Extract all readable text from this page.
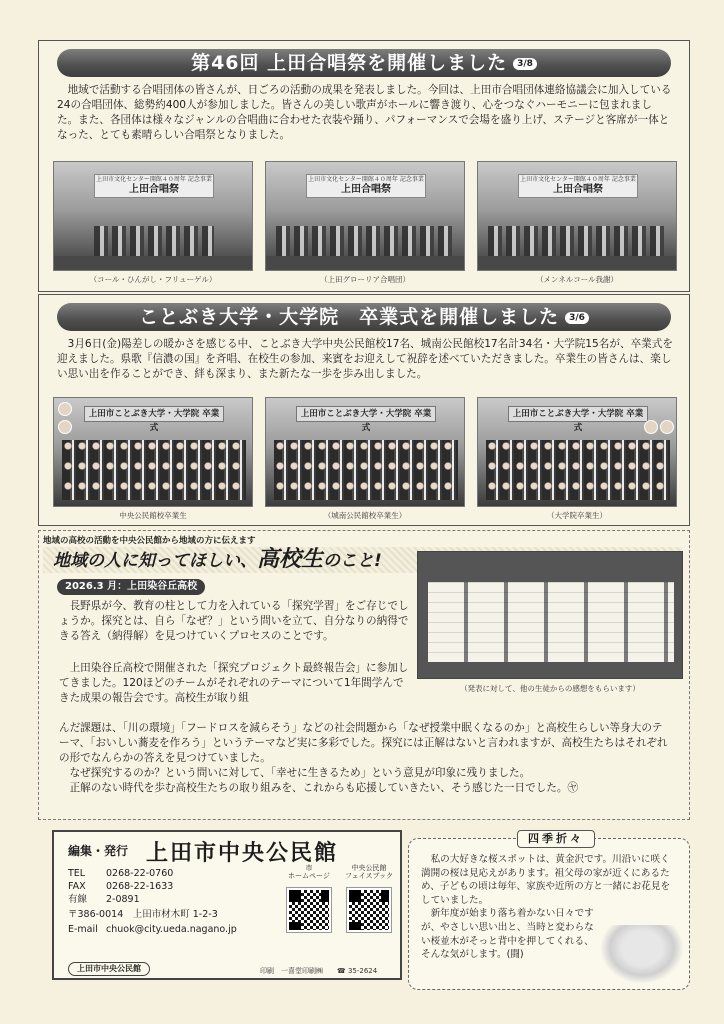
第46回 上田合唱祭を開催しました 3/8
地域で活動する合唱団体の皆さんが、日ごろの活動の成果を発表しました。今回は、上田市合唱団体連絡協議会に加入している24の合唱団体、総勢約400人が参加しました。皆さんの美しい歌声がホールに響き渡り、心をつなぐハーモニーに包まれました。また、各団体は様々なジャンルの合唱曲に合わせた衣装や踊り、パフォーマンスで会場を盛り上げ、ステージと客席が一体となった、とても素晴らしい合唱祭となりました。
上田市文化センター開館４０周年 記念事業
上田合唱祭
上田市文化センター開館４０周年 記念事業
上田合唱祭
上田市文化センター開館４０周年 記念事業
上田合唱祭
（コール・ひんがし・フリューゲル）	（上田グローリア合唱団）	（メンネルコール我謝）
ことぶき大学・大学院　卒業式を開催しました 3/6
3月6日(金)陽差しの暖かさを感じる中、ことぶき大学中央公民館校17名、城南公民館校17名計34名・大学院15名が、卒業式を迎えました。県歌『信濃の国』を斉唱、在校生の参加、来賓をお迎えして祝辞を述べていただきました。卒業生の皆さんは、楽しい思い出を作ることができ、絆も深まり、また新たな一歩を歩み出しました。
上田市ことぶき大学・大学院 卒業式
上田市ことぶき大学・大学院 卒業式
上田市ことぶき大学・大学院 卒業式
中央公民館校卒業生	（城南公民館校卒業生）	（大学院卒業生）
地域の高校の活動を中央公民館から地域の方に伝えます
地域の人に知ってほしい、高校生のこと!
2026.3 月：上田染谷丘高校
長野県が今、教育の柱として力を入れている「探究学習」をご存じでしょうか。探究とは、自ら「なぜ？」という問いを立て、自分なりの納得できる答え（納得解）を見つけていくプロセスのことです。
上田染谷丘高校で開催された「探究プロジェクト最終報告会」に参加してきました。120ほどのチームがそれぞれのテーマについて1年間学んできた成果の報告会です。高校生が取り組
んだ課題は、「川の環境」「フードロスを減らそう」などの社会問題から「なぜ授業中眠くなるのか」と高校生らしい等身大のテーマ、「おいしい蕎麦を作ろう」というテーマなど実に多彩でした。探究には正解はないと言われますが、高校生たちはそれぞれの形でなんらかの答えを見つけていました。
なぜ探究するのか？という問いに対して、「幸せに生きるため」という意見が印象に残りました。
正解のない時代を歩む高校生たちの取り組みを、これからも応援していきたい、そう感じた一日でした。㋳
（発表に対して、他の生徒からの感想をもらいます）
編集・発行 上田市中央公民館
TEL 0268-22-0760
FAX 0268-22-1633
有線 2-0891
〒386-0014　上田市材木町 1-2-3
E-mail chuok@city.ueda.nagano.jp
市
ホームページ
中央公民館
フェイスブック
上田市中央公民館	印刷　一喜堂印刷㈱　　☎ 35-2624
四季折々
私の大好きな桜スポットは、黄金沢です。川沿いに咲く満開の桜は見応えがあります。祖父母の家が近くにあるため、子どもの頃は毎年、家族や近所の方と一緒にお花見をしていました。
新年度が始まり落ち着かない日々ですが、やさしい思い出と、当時と変わらない桜並木がそっと背中を押してくれる、そんな気がします。(闘)
